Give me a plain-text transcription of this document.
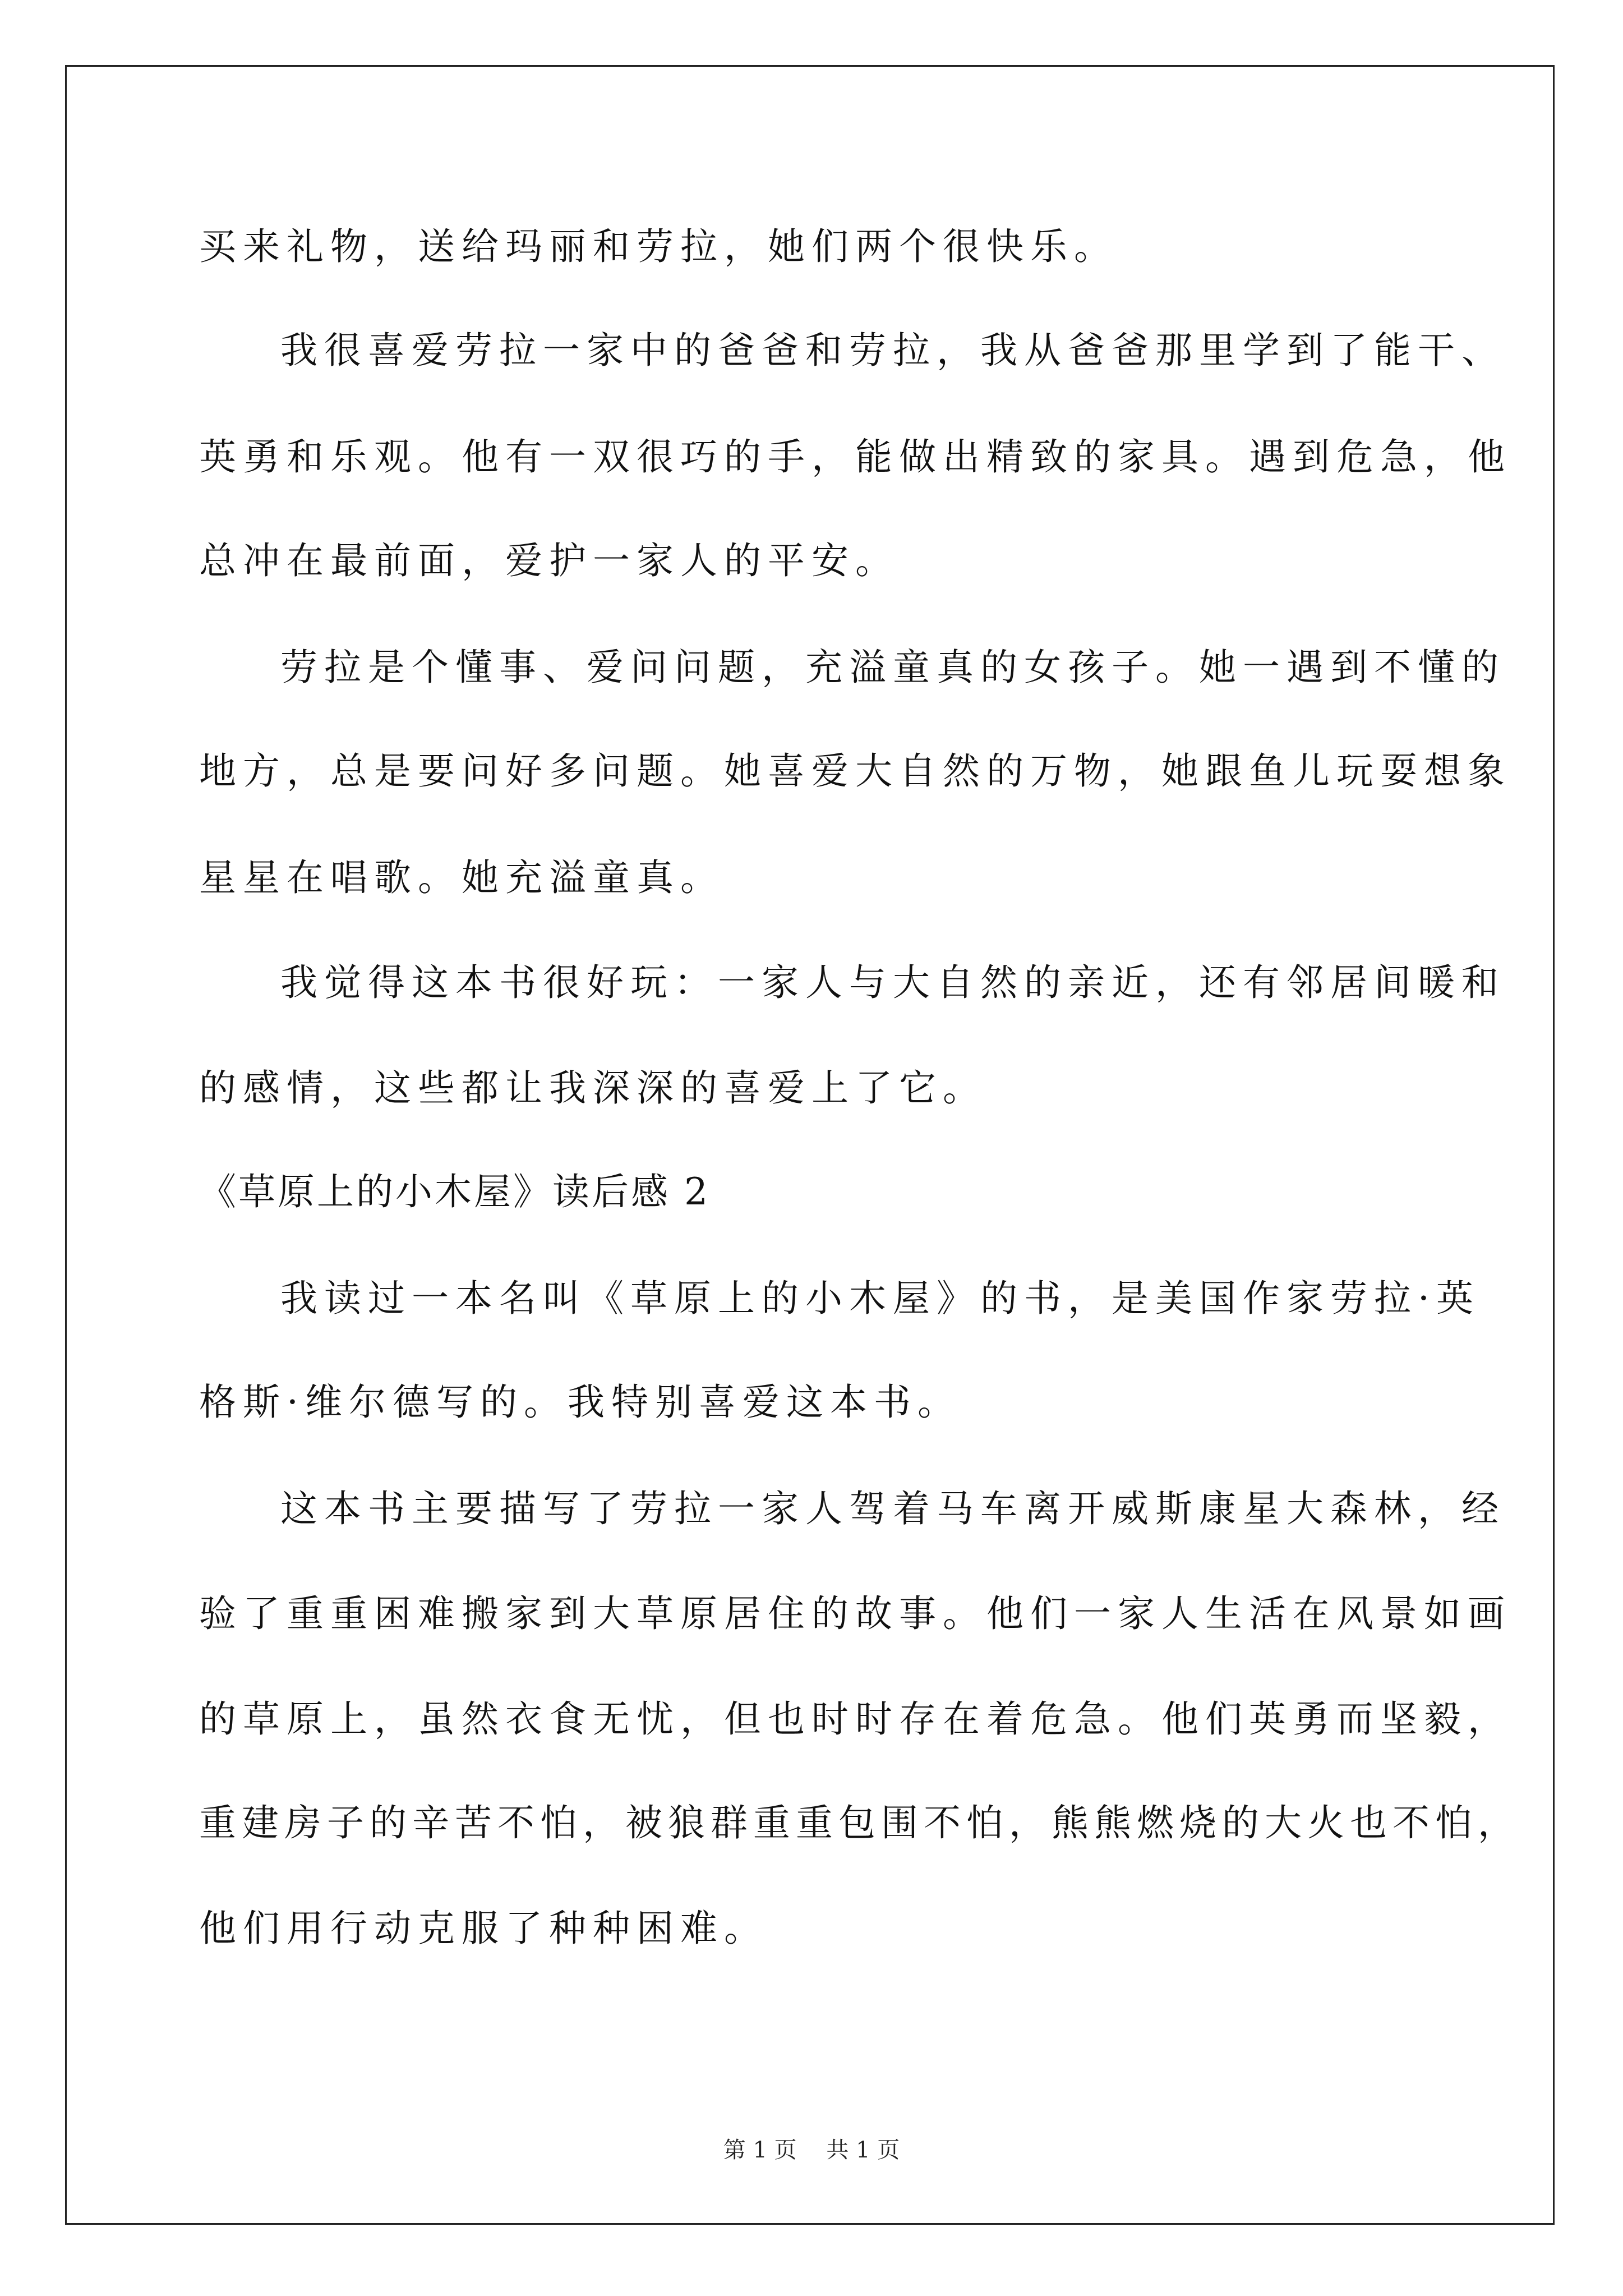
买来礼物，送给玛丽和劳拉，她们两个很快乐。

我很喜爱劳拉一家中的爸爸和劳拉，我从爸爸那里学到了能干、

英勇和乐观。他有一双很巧的手，能做出精致的家具。遇到危急，他

总冲在最前面，爱护一家人的平安。

劳拉是个懂事、爱问问题，充溢童真的女孩子。她一遇到不懂的

地方，总是要问好多问题。她喜爱大自然的万物，她跟鱼儿玩耍想象

星星在唱歌。她充溢童真。

我觉得这本书很好玩：一家人与大自然的亲近，还有邻居间暖和

的感情，这些都让我深深的喜爱上了它。

《草原上的小木屋》读后感 2

我读过一本名叫《草原上的小木屋》的书，是美国作家劳拉·英

格斯·维尔德写的。我特别喜爱这本书。

这本书主要描写了劳拉一家人驾着马车离开威斯康星大森林，经

验了重重困难搬家到大草原居住的故事。他们一家人生活在风景如画

的草原上，虽然衣食无忧，但也时时存在着危急。他们英勇而坚毅，

重建房子的辛苦不怕，被狼群重重包围不怕，熊熊燃烧的大火也不怕，

他们用行动克服了种种困难。

第 1 页 共 1 页
